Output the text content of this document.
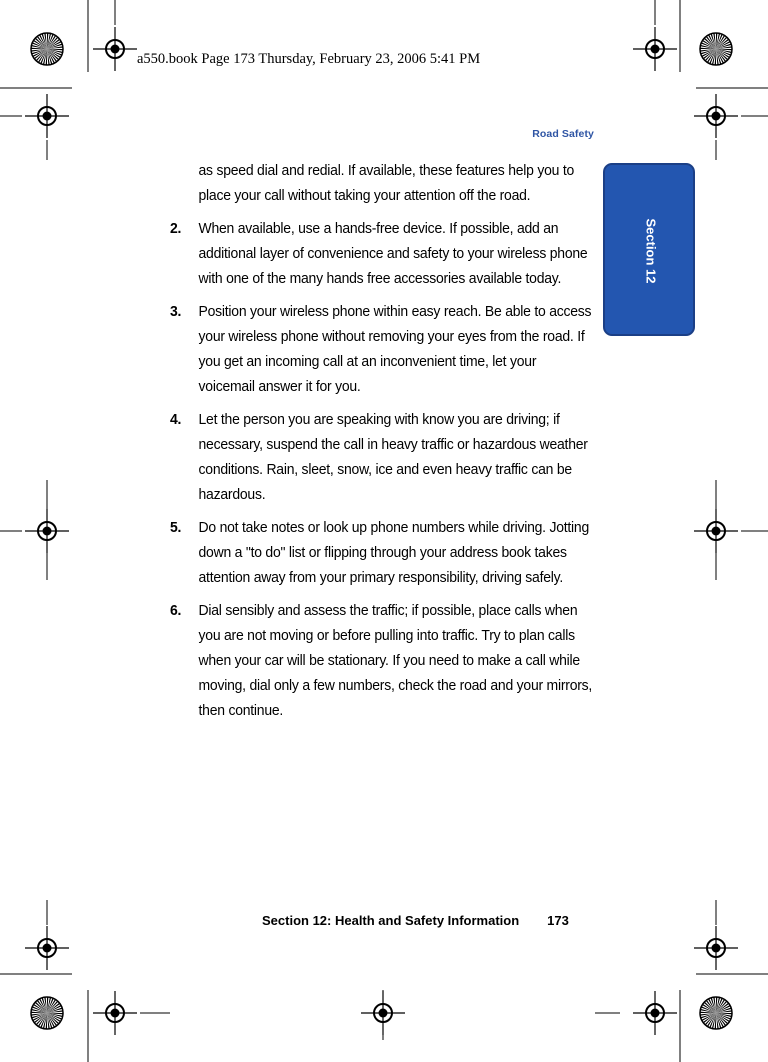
a550.book Page 173 Thursday, February 23, 2006 5:41 PM
Road Safety
Section 12

as speed dial and redial. If available, these features help you to place your call without taking your attention off the road.

2.	When available, use a hands-free device. If possible, add an additional layer of convenience and safety to your wireless phone with one of the many hands free accessories available today.
3.	Position your wireless phone within easy reach. Be able to access your wireless phone without removing your eyes from the road. If you get an incoming call at an inconvenient time, let your voicemail answer it for you.
4.	Let the person you are speaking with know you are driving; if necessary, suspend the call in heavy traffic or hazardous weather conditions. Rain, sleet, snow, ice and even heavy traffic can be hazardous.
5.	Do not take notes or look up phone numbers while driving. Jotting down a "to do" list or flipping through your address book takes attention away from your primary responsibility, driving safely.
6.	Dial sensibly and assess the traffic; if possible, place calls when you are not moving or before pulling into traffic. Try to plan calls when your car will be stationary. If you need to make a call while moving, dial only a few numbers, check the road and your mirrors, then continue.
Section 12: Health and Safety Information 173
